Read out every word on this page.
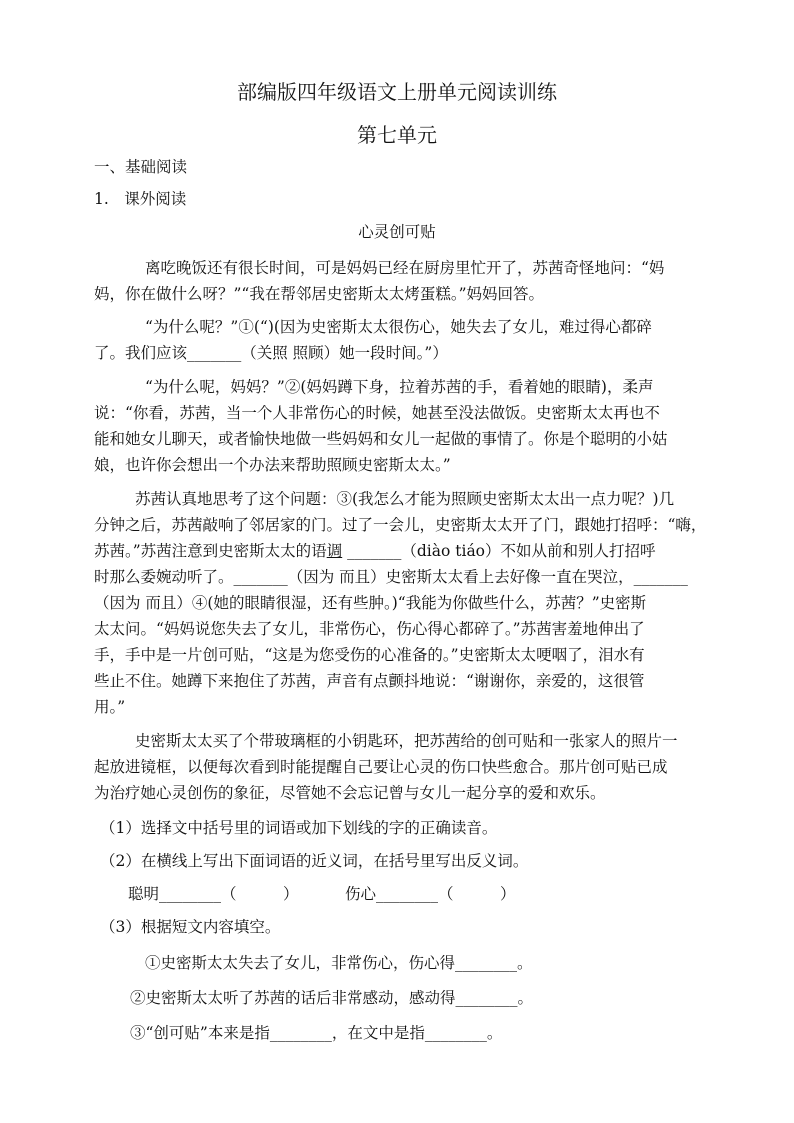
部编版四年级语文上册单元阅读训练
第七单元
一、基础阅读
1.　课外阅读
心灵创可贴
离吃晚饭还有很长时间，可是妈妈已经在厨房里忙开了，苏茜奇怪地问：“妈
妈，你在做什么呀？”“我在帮邻居史密斯太太烤蛋糕。”妈妈回答。
“为什么呢？”①(“)(因为史密斯太太很伤心，她失去了女儿，难过得心都碎
了。我们应该_______（关照 照顾）她一段时间。”）
“为什么呢，妈妈？”②(妈妈蹲下身，拉着苏茜的手，看着她的眼睛)，柔声
说：“你看，苏茜，当一个人非常伤心的时候，她甚至没法做饭。史密斯太太再也不
能和她女儿聊天，或者愉快地做一些妈妈和女儿一起做的事情了。你是个聪明的小姑
娘，也许你会想出一个办法来帮助照顾史密斯太太。”
苏茜认真地思考了这个问题：③(我怎么才能为照顾史密斯太太出一点力呢？)几
分钟之后，苏茜敲响了邻居家的门。过了一会儿，史密斯太太开了门，跟她打招呼：“嗨，
苏茜。”苏茜注意到史密斯太太的语调 _______（diào tiáo）不如从前和别人打招呼
时那么委婉动听了。_______（因为 而且）史密斯太太看上去好像一直在哭泣，_______
（因为 而且）④(她的眼睛很湿，还有些肿。)“我能为你做些什么，苏茜？”史密斯
太太问。“妈妈说您失去了女儿，非常伤心，伤心得心都碎了。”苏茜害羞地伸出了
手，手中是一片创可贴，“这是为您受伤的心准备的。”史密斯太太哽咽了，泪水有
些止不住。她蹲下来抱住了苏茜，声音有点颤抖地说：“谢谢你，亲爱的，这很管
用。”
史密斯太太买了个带玻璃框的小钥匙环，把苏茜给的创可贴和一张家人的照片一
起放进镜框，以便每次看到时能提醒自己要让心灵的伤口快些愈合。那片创可贴已成
为治疗她心灵创伤的象征，尽管她不会忘记曾与女儿一起分享的爱和欢乐。
（1）选择文中括号里的词语或加下划线的字的正确读音。
（2）在横线上写出下面词语的近义词，在括号里写出反义词。
聪明________（　　　）	伤心________（　　　）
（3）根据短文内容填空。
①史密斯太太失去了女儿，非常伤心，伤心得________。
②史密斯太太听了苏茜的话后非常感动，感动得________。
③“创可贴”本来是指________，在文中是指________。
